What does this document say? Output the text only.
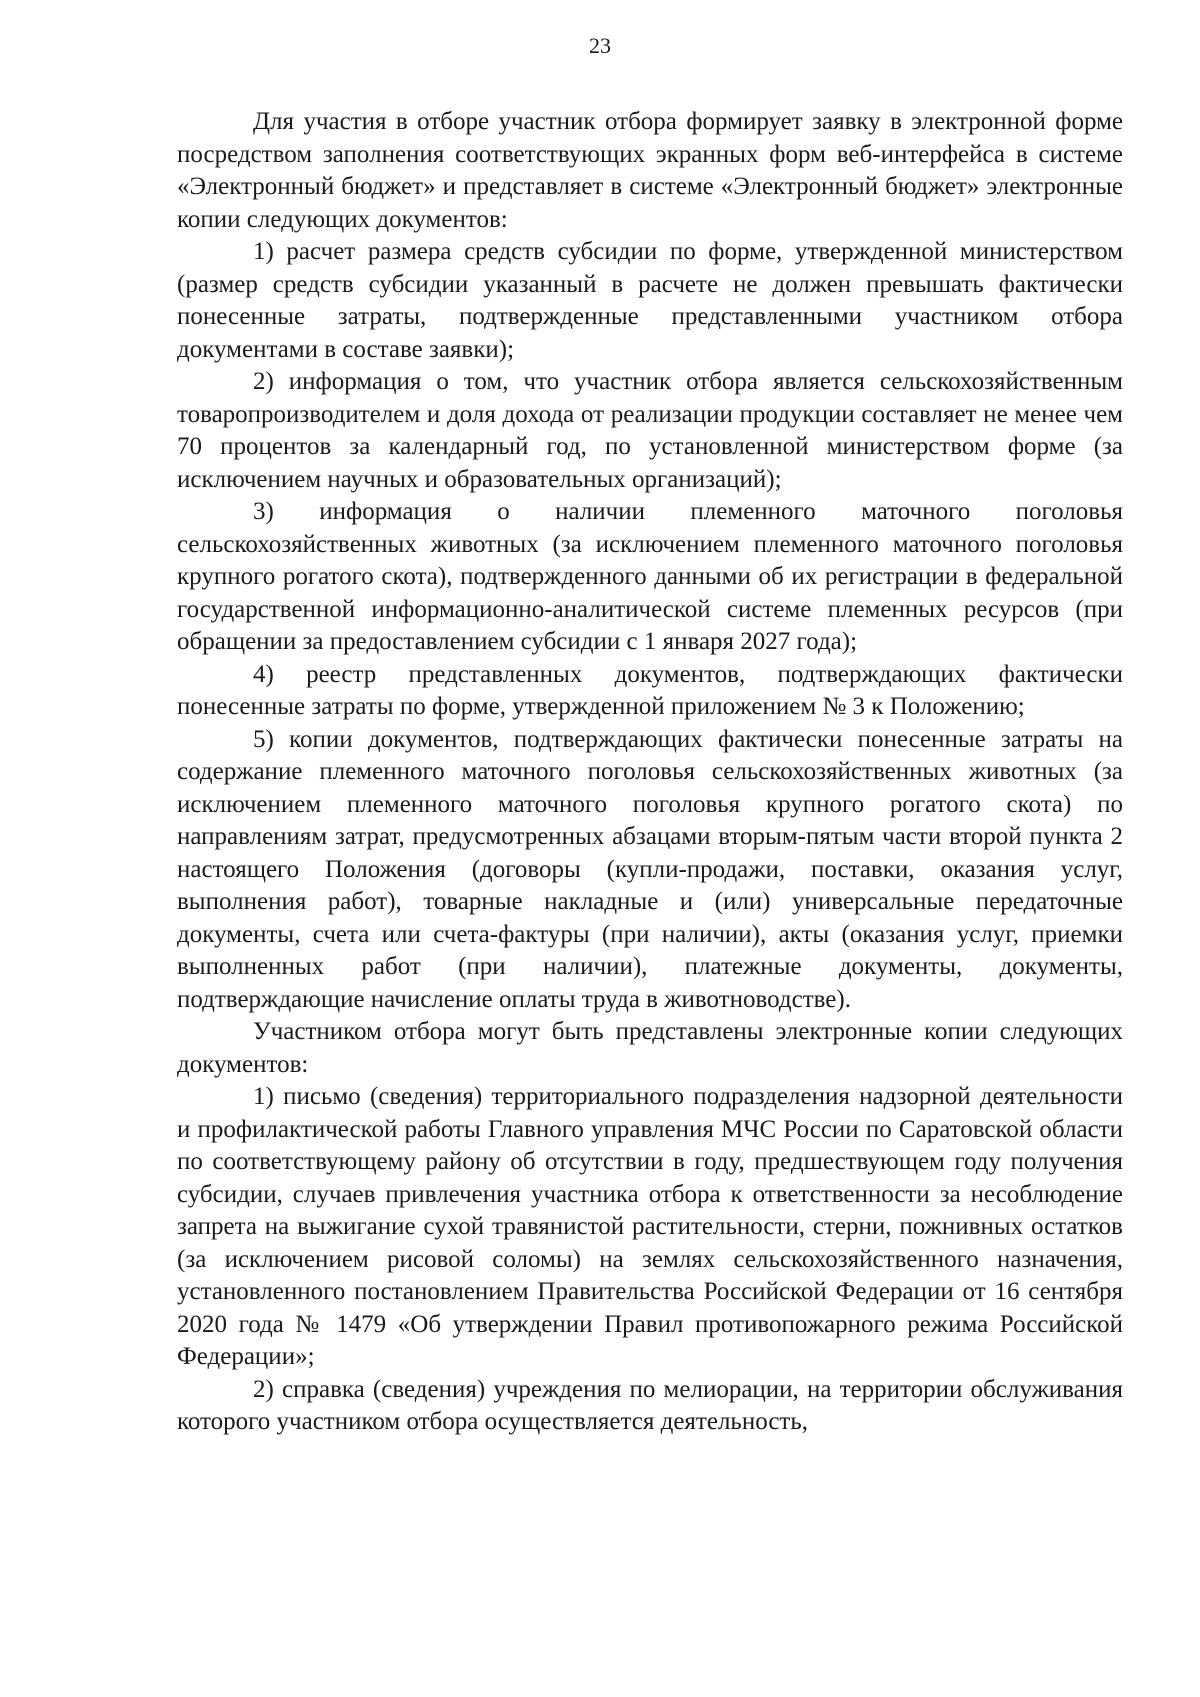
23

Для участия в отборе участник отбора формирует заявку в электронной форме посредством заполнения соответствующих экранных форм веб-интерфейса в системе «Электронный бюджет» и представляет в системе «Электронный бюджет» электронные копии следующих документов:

1) расчет размера средств субсидии по форме, утвержденной министерством (размер средств субсидии указанный в расчете не должен превышать фактически понесенные затраты, подтвержденные представленными участником отбора документами в составе заявки);

2) информация о том, что участник отбора является сельскохозяйственным товаропроизводителем и доля дохода от реализации продукции составляет не менее чем 70 процентов за календарный год, по установленной министерством форме (за исключением научных и образовательных организаций);

3) информация о наличии племенного маточного поголовья сельскохозяйственных животных (за исключением племенного маточного поголовья крупного рогатого скота), подтвержденного данными об их регистрации в федеральной государственной информационно-аналитической системе племенных ресурсов (при обращении за предоставлением субсидии с 1 января 2027 года);

4) реестр представленных документов, подтверждающих фактически понесенные затраты по форме, утвержденной приложением № 3 к Положению;

5) копии документов, подтверждающих фактически понесенные затраты на содержание племенного маточного поголовья сельскохозяйственных животных (за исключением племенного маточного поголовья крупного рогатого скота) по направлениям затрат, предусмотренных абзацами вторым-пятым части второй пункта 2 настоящего Положения (договоры (купли-продажи, поставки, оказания услуг, выполнения работ), товарные накладные и (или) универсальные передаточные документы, счета или счета-фактуры (при наличии), акты (оказания услуг, приемки выполненных работ (при наличии), платежные документы, документы, подтверждающие начисление оплаты труда в животноводстве).

Участником отбора могут быть представлены электронные копии следующих документов:

1) письмо (сведения) территориального подразделения надзорной деятельности и профилактической работы Главного управления МЧС России по Саратовской области по соответствующему району об отсутствии в году, предшествующем году получения субсидии, случаев привлечения участника отбора к ответственности за несоблюдение запрета на выжигание сухой травянистой растительности, стерни, пожнивных остатков (за исключением рисовой соломы) на землях сельскохозяйственного назначения, установленного постановлением Правительства Российской Федерации от 16 сентября 2020 года № 1479 «Об утверждении Правил противопожарного режима Российской Федерации»;

2) справка (сведения) учреждения по мелиорации, на территории обслуживания которого участником отбора осуществляется деятельность,
